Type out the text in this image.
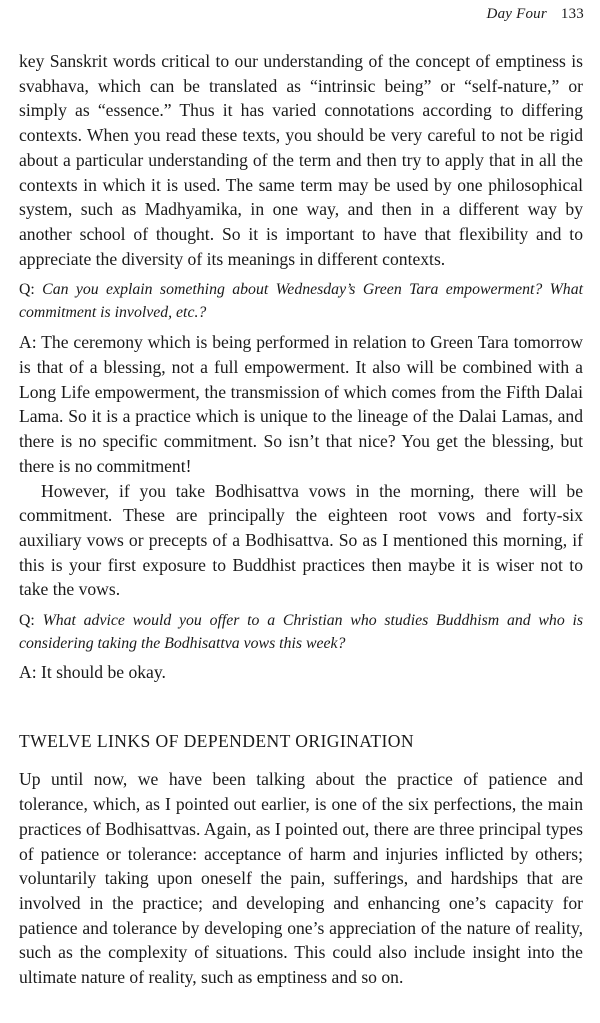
Day Four 133

key Sanskrit words critical to our understanding of the concept of emptiness is svabhava, which can be translated as “intrinsic being” or “self-nature,” or simply as “essence.” Thus it has varied connotations according to differing contexts. When you read these texts, you should be very careful to not be rigid about a particular understanding of the term and then try to apply that in all the contexts in which it is used. The same term may be used by one philosophical system, such as Madhyamika, in one way, and then in a different way by another school of thought. So it is important to have that flexibility and to appreciate the diversity of its meanings in different contexts.

Q: Can you explain something about Wednesday’s Green Tara empowerment? What commitment is involved, etc.?

A: The ceremony which is being performed in relation to Green Tara tomorrow is that of a blessing, not a full empowerment. It also will be combined with a Long Life empowerment, the transmission of which comes from the Fifth Dalai Lama. So it is a practice which is unique to the lineage of the Dalai Lamas, and there is no specific commitment. So isn’t that nice? You get the blessing, but there is no commitment!

However, if you take Bodhisattva vows in the morning, there will be commitment. These are principally the eighteen root vows and forty-six auxiliary vows or precepts of a Bodhisattva. So as I mentioned this morning, if this is your first exposure to Buddhist practices then maybe it is wiser not to take the vows.

Q: What advice would you offer to a Christian who studies Buddhism and who is considering taking the Bodhisattva vows this week?

A: It should be okay.

TWELVE LINKS OF DEPENDENT ORIGINATION

Up until now, we have been talking about the practice of patience and tolerance, which, as I pointed out earlier, is one of the six perfections, the main practices of Bodhisattvas. Again, as I pointed out, there are three principal types of patience or tolerance: acceptance of harm and injuries inflicted by others; voluntarily taking upon oneself the pain, sufferings, and hardships that are involved in the practice; and developing and enhancing one’s capacity for patience and tolerance by developing one’s appreciation of the nature of reality, such as the complexity of situations. This could also include insight into the ultimate nature of reality, such as emptiness and so on.
